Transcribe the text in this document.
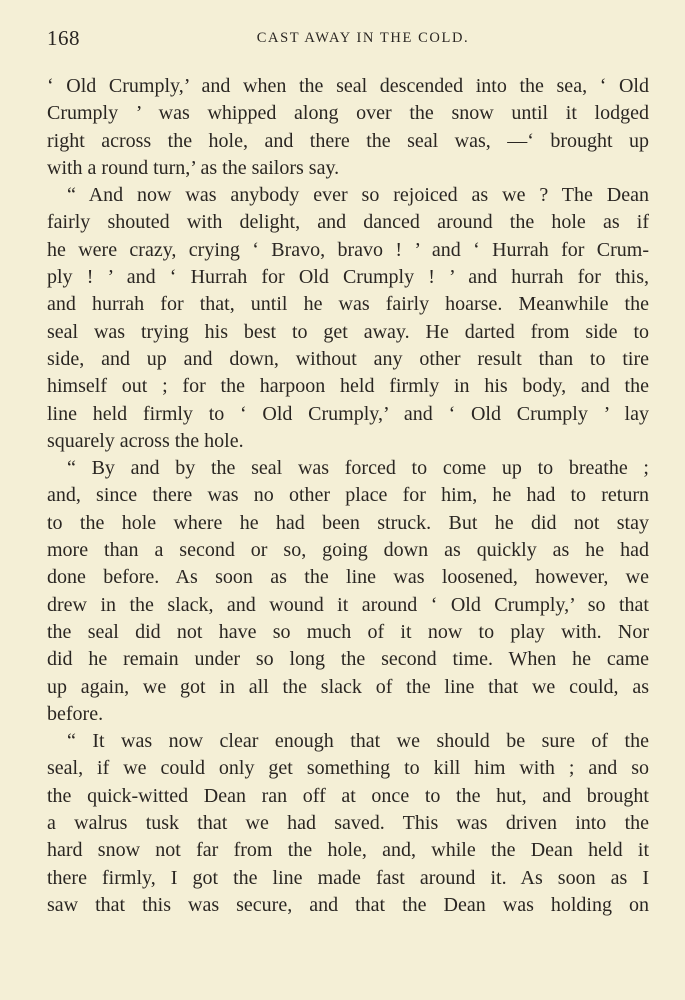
168	CAST AWAY IN THE COLD.
‘ Old Crumply,’ and when the seal descended into the sea, ‘ Old
Crumply ’ was whipped along over the snow until it lodged
right across the hole, and there the seal was, —‘ brought up
with a round turn,’ as the sailors say.
“ And now was anybody ever so rejoiced as we ? The Dean
fairly shouted with delight, and danced around the hole as if
he were crazy, crying ‘ Bravo, bravo ! ’ and ‘ Hurrah for Crum-
ply ! ’ and ‘ Hurrah for Old Crumply ! ’ and hurrah for this,
and hurrah for that, until he was fairly hoarse. Meanwhile the
seal was trying his best to get away. He darted from side to
side, and up and down, without any other result than to tire
himself out ; for the harpoon held firmly in his body, and the
line held firmly to ‘ Old Crumply,’ and ‘ Old Crumply ’ lay
squarely across the hole.
“ By and by the seal was forced to come up to breathe ;
and, since there was no other place for him, he had to return
to the hole where he had been struck. But he did not stay
more than a second or so, going down as quickly as he had
done before. As soon as the line was loosened, however, we
drew in the slack, and wound it around ‘ Old Crumply,’ so that
the seal did not have so much of it now to play with. Nor
did he remain under so long the second time. When he came
up again, we got in all the slack of the line that we could, as
before.
“ It was now clear enough that we should be sure of the
seal, if we could only get something to kill him with ; and so
the quick-witted Dean ran off at once to the hut, and brought
a walrus tusk that we had saved. This was driven into the
hard snow not far from the hole, and, while the Dean held it
there firmly, I got the line made fast around it. As soon as I
saw that this was secure, and that the Dean was holding on
